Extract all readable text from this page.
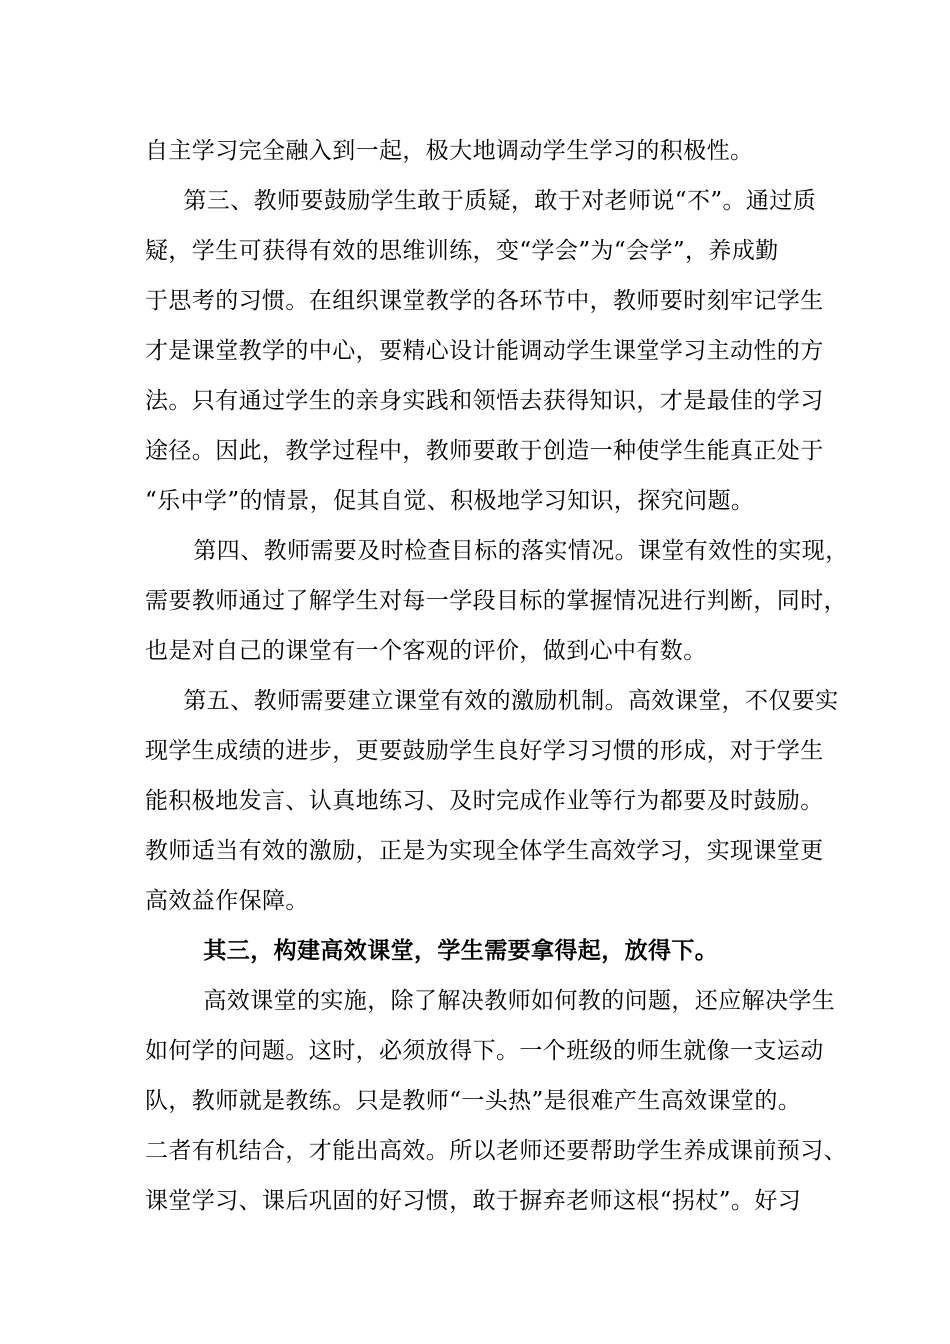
自主学习完全融入到一起，极大地调动学生学习的积极性。
　第三、教师要鼓励学生敢于质疑，敢于对老师说“不”。通过质
疑，学生可获得有效的思维训练，变“学会”为“会学”，养成勤
于思考的习惯。在组织课堂教学的各环节中，教师要时刻牢记学生
才是课堂教学的中心，要精心设计能调动学生课堂学习主动性的方
法。只有通过学生的亲身实践和领悟去获得知识，才是最佳的学习
途径。因此，教学过程中，教师要敢于创造一种使学生能真正处于
“乐中学”的情景，促其自觉、积极地学习知识，探究问题。
　第四、教师需要及时检查目标的落实情况。课堂有效性的实现，
需要教师通过了解学生对每一学段目标的掌握情况进行判断，同时，
也是对自己的课堂有一个客观的评价，做到心中有数。
　第五、教师需要建立课堂有效的激励机制。高效课堂，不仅要实
现学生成绩的进步，更要鼓励学生良好学习习惯的形成，对于学生
能积极地发言、认真地练习、及时完成作业等行为都要及时鼓励。
教师适当有效的激励，正是为实现全体学生高效学习，实现课堂更
高效益作保障。
　其三，构建高效课堂，学生需要拿得起，放得下。
　高效课堂的实施，除了解决教师如何教的问题，还应解决学生
如何学的问题。这时，必须放得下。一个班级的师生就像一支运动
队，教师就是教练。只是教师“一头热”是很难产生高效课堂的。
二者有机结合，才能出高效。所以老师还要帮助学生养成课前预习、
课堂学习、课后巩固的好习惯，敢于摒弃老师这根“拐杖”。好习
